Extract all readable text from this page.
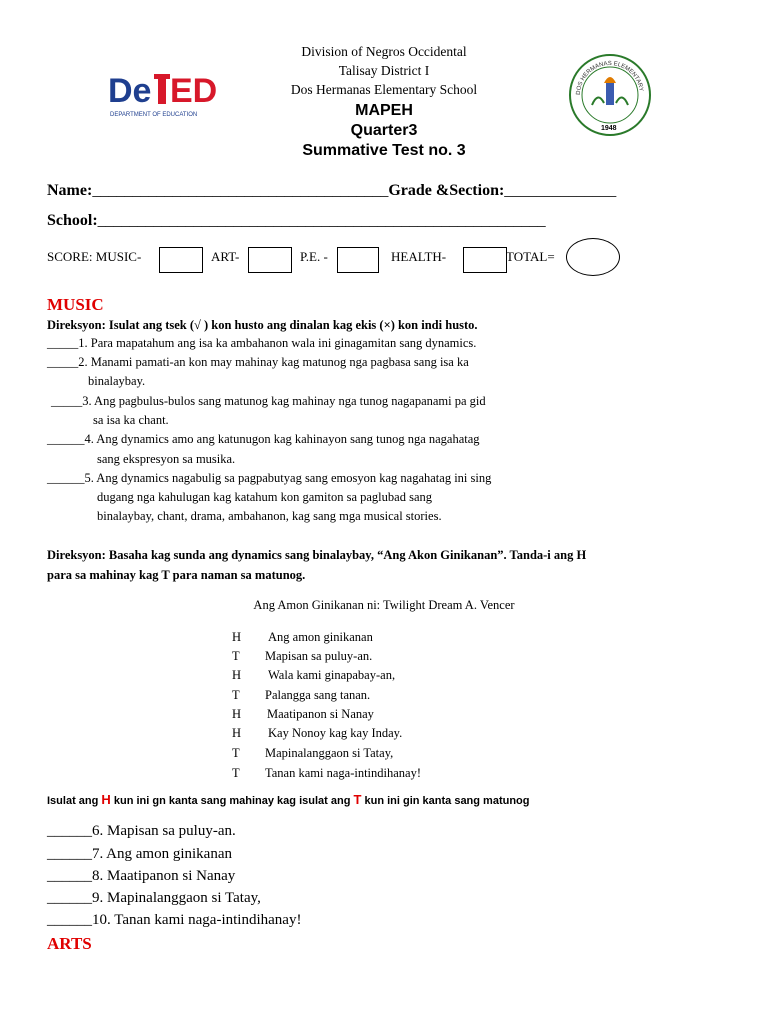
De ED
DEPARTMENT OF EDUCATION
DOS HERMANAS ELEMENTARY
1948
Division of Negros Occidental
Talisay District I
Dos Hermanas Elementary School
MAPEH
Quarter3
Summative Test no. 3
Name:_____________________________________Grade &Section:______________
School:________________________________________________________
SCORE: MUSIC-	ART-	P.E. -	HEALTH-	TOTAL=
MUSIC
Direksyon: Isulat ang tsek (√ ) kon husto ang dinalan kag ekis (×) kon indi husto.
_____1. Para mapatahum ang isa ka ambahanon wala ini ginagamitan sang dynamics.
_____2. Manami pamati-an kon may mahinay kag matunog nga pagbasa sang isa ka
binalaybay.
_____3. Ang pagbulus-bulos sang matunog kag mahinay nga tunog nagapanami pa gid
sa isa ka chant.
______4. Ang dynamics amo ang katunugon kag kahinayon sang tunog nga nagahatag
sang ekspresyon sa musika.
______5. Ang dynamics nagabulig sa pagpabutyag sang emosyon kag nagahatag ini sing
dugang nga kahulugan kag katahum kon gamiton sa paglubad sang
binalaybay, chant, drama, ambahanon, kag sang mga musical stories.
Direksyon: Basaha kag sunda ang dynamics sang binalaybay, “Ang Akon Ginikanan”. Tanda-i ang H
para sa mahinay kag T para naman sa matunog.
Ang Amon Ginikanan ni: Twilight Dream A. Vencer
H Ang amon ginikanan
T Mapisan sa puluy-an.
H Wala kami ginapabay-an,
T Palangga sang tanan.
H Maatipanon si Nanay
H Kay Nonoy kag kay Inday.
T Mapinalanggaon si Tatay,
T Tanan kami naga-intindihanay!
Isulat ang H kun ini gn kanta sang mahinay kag isulat ang T kun ini gin kanta sang matunog
______6. Mapisan sa puluy-an.
______7. Ang amon ginikanan
______8. Maatipanon si Nanay
______9. Mapinalanggaon si Tatay,
______10. Tanan kami naga-intindihanay!
ARTS
